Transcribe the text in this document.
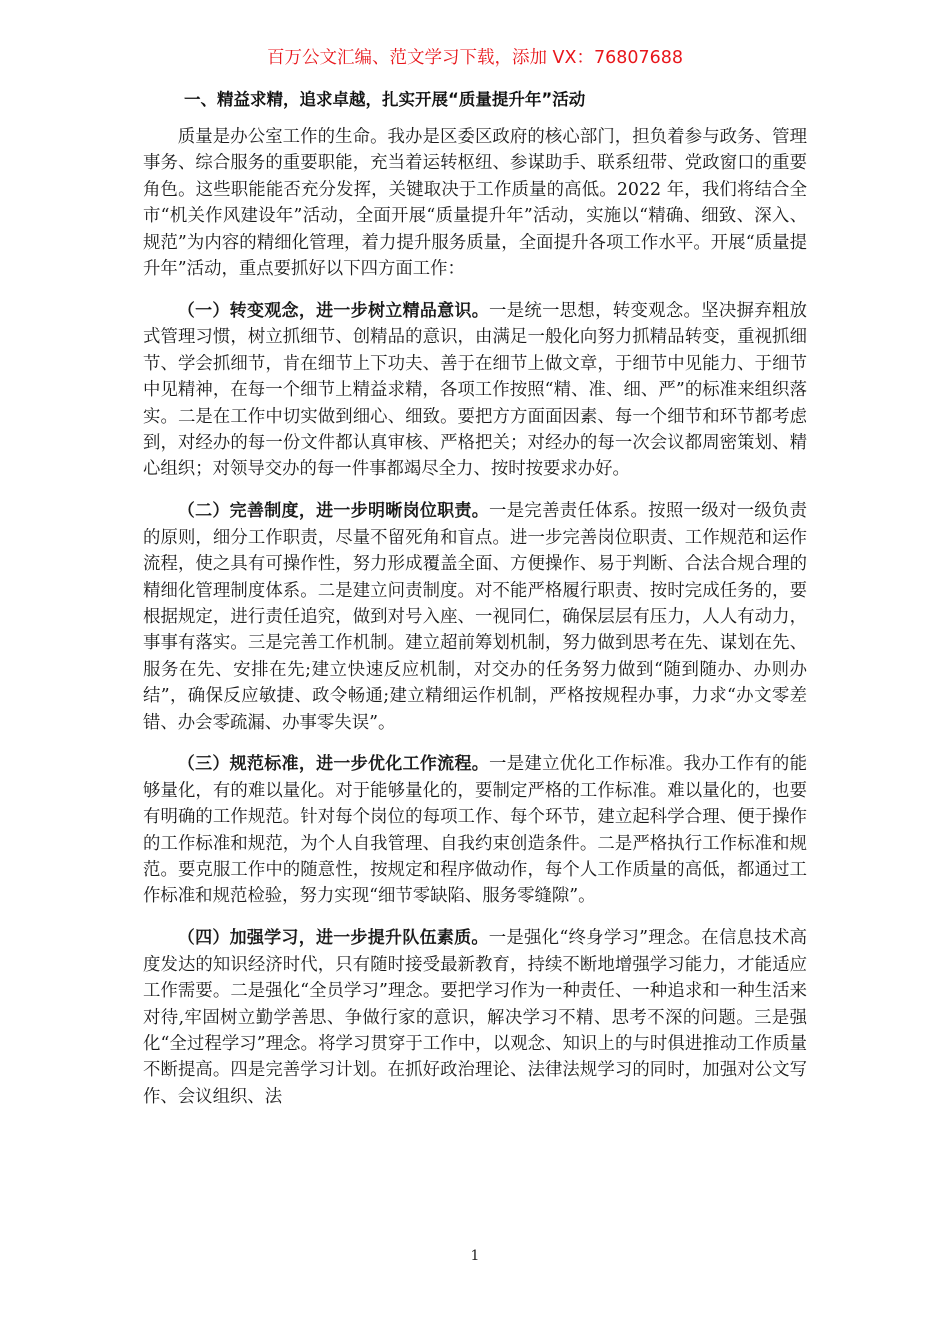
百万公文汇编、范文学习下载，添加 VX：76807688
一、精益求精，追求卓越，扎实开展“质量提升年”活动

质量是办公室工作的生命。我办是区委区政府的核心部门，担负着参与政务、管理事务、综合服务的重要职能，充当着运转枢纽、参谋助手、联系纽带、党政窗口的重要角色。这些职能能否充分发挥，关键取决于工作质量的高低。2022 年，我们将结合全市“机关作风建设年”活动，全面开展“质量提升年”活动，实施以“精确、细致、深入、规范”为内容的精细化管理，着力提升服务质量，全面提升各项工作水平。开展“质量提升年”活动，重点要抓好以下四方面工作：

（一）转变观念，进一步树立精品意识。一是统一思想，转变观念。坚决摒弃粗放式管理习惯，树立抓细节、创精品的意识，由满足一般化向努力抓精品转变，重视抓细节、学会抓细节，肯在细节上下功夫、善于在细节上做文章，于细节中见能力、于细节中见精神，在每一个细节上精益求精，各项工作按照“精、准、细、严”的标准来组织落实。二是在工作中切实做到细心、细致。要把方方面面因素、每一个细节和环节都考虑到，对经办的每一份文件都认真审核、严格把关；对经办的每一次会议都周密策划、精心组织；对领导交办的每一件事都竭尽全力、按时按要求办好。

（二）完善制度，进一步明晰岗位职责。一是完善责任体系。按照一级对一级负责的原则，细分工作职责，尽量不留死角和盲点。进一步完善岗位职责、工作规范和运作流程，使之具有可操作性，努力形成覆盖全面、方便操作、易于判断、合法合规合理的精细化管理制度体系。二是建立问责制度。对不能严格履行职责、按时完成任务的，要根据规定，进行责任追究，做到对号入座、一视同仁，确保层层有压力，人人有动力，事事有落实。三是完善工作机制。建立超前筹划机制，努力做到思考在先、谋划在先、服务在先、安排在先;建立快速反应机制，对交办的任务努力做到“随到随办、办则办结”，确保反应敏捷、政令畅通;建立精细运作机制，严格按规程办事，力求“办文零差错、办会零疏漏、办事零失误”。

（三）规范标准，进一步优化工作流程。一是建立优化工作标准。我办工作有的能够量化，有的难以量化。对于能够量化的，要制定严格的工作标准。难以量化的，也要有明确的工作规范。针对每个岗位的每项工作、每个环节，建立起科学合理、便于操作的工作标准和规范，为个人自我管理、自我约束创造条件。二是严格执行工作标准和规范。要克服工作中的随意性，按规定和程序做动作，每个人工作质量的高低，都通过工作标准和规范检验，努力实现“细节零缺陷、服务零缝隙”。

（四）加强学习，进一步提升队伍素质。一是强化“终身学习”理念。在信息技术高度发达的知识经济时代，只有随时接受最新教育，持续不断地增强学习能力，才能适应工作需要。二是强化“全员学习”理念。要把学习作为一种责任、一种追求和一种生活来对待,牢固树立勤学善思、争做行家的意识，解决学习不精、思考不深的问题。三是强化“全过程学习”理念。将学习贯穿于工作中，以观念、知识上的与时俱进推动工作质量不断提高。四是完善学习计划。在抓好政治理论、法律法规学习的同时，加强对公文写作、会议组织、法

1
